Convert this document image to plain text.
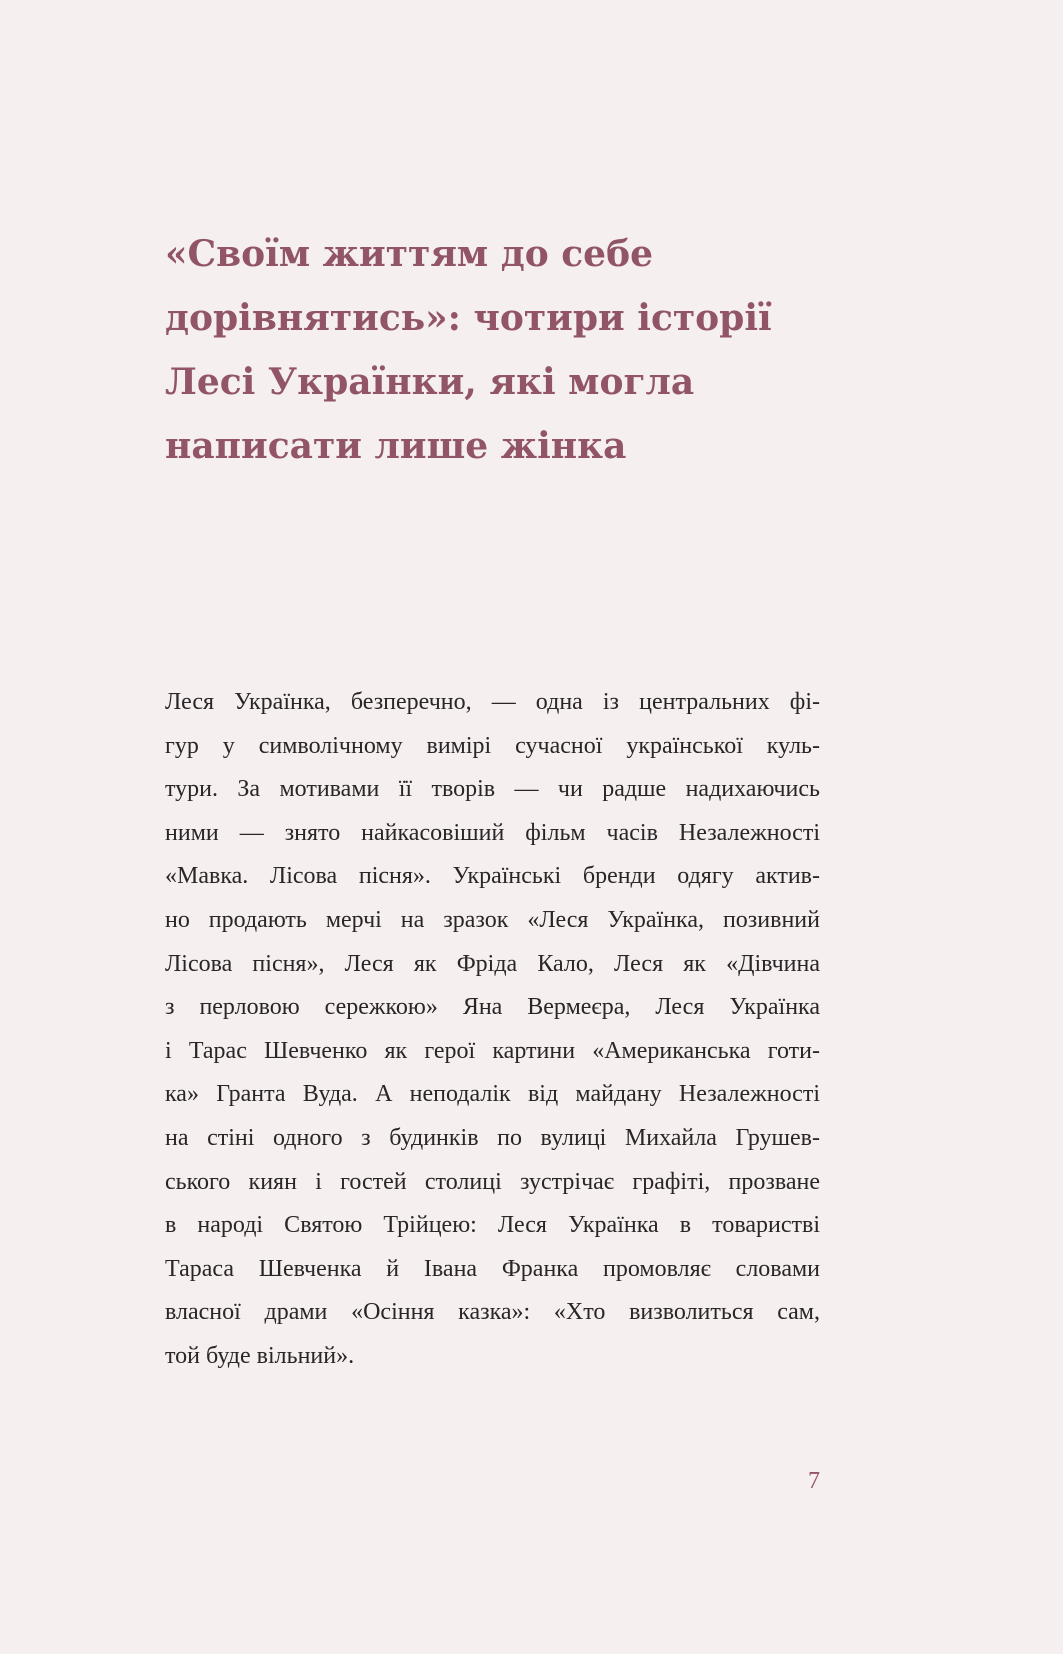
«Своїм життям до себе
дорівнятись»: чотири історії
Лесі Українки, які могла
написати лише жінка
Леся Українка, безперечно, — одна із центральних фі-
гур у символічному вимірі сучасної української куль-
тури. За мотивами її творів — чи радше надихаючись
ними — знято найкасовіший фільм часів Незалежності
«Мавка. Лісова пісня». Українські бренди одягу актив-
но продають мерчі на зразок «Леся Українка, позивний
Лісова пісня», Леся як Фріда Кало, Леся як «Дівчина
з перловою сережкою» Яна Вермеєра, Леся Українка
і Тарас Шевченко як герої картини «Американська готи-
ка» Гранта Вуда. А неподалік від майдану Незалежності
на стіні одного з будинків по вулиці Михайла Грушев-
ського киян і гостей столиці зустрічає графіті, прозване
в народі Святою Трійцею: Леся Українка в товаристві
Тараса Шевченка й Івана Франка промовляє словами
власної драми «Осіння казка»: «Хто визволиться сам,
той буде вільний».
7
